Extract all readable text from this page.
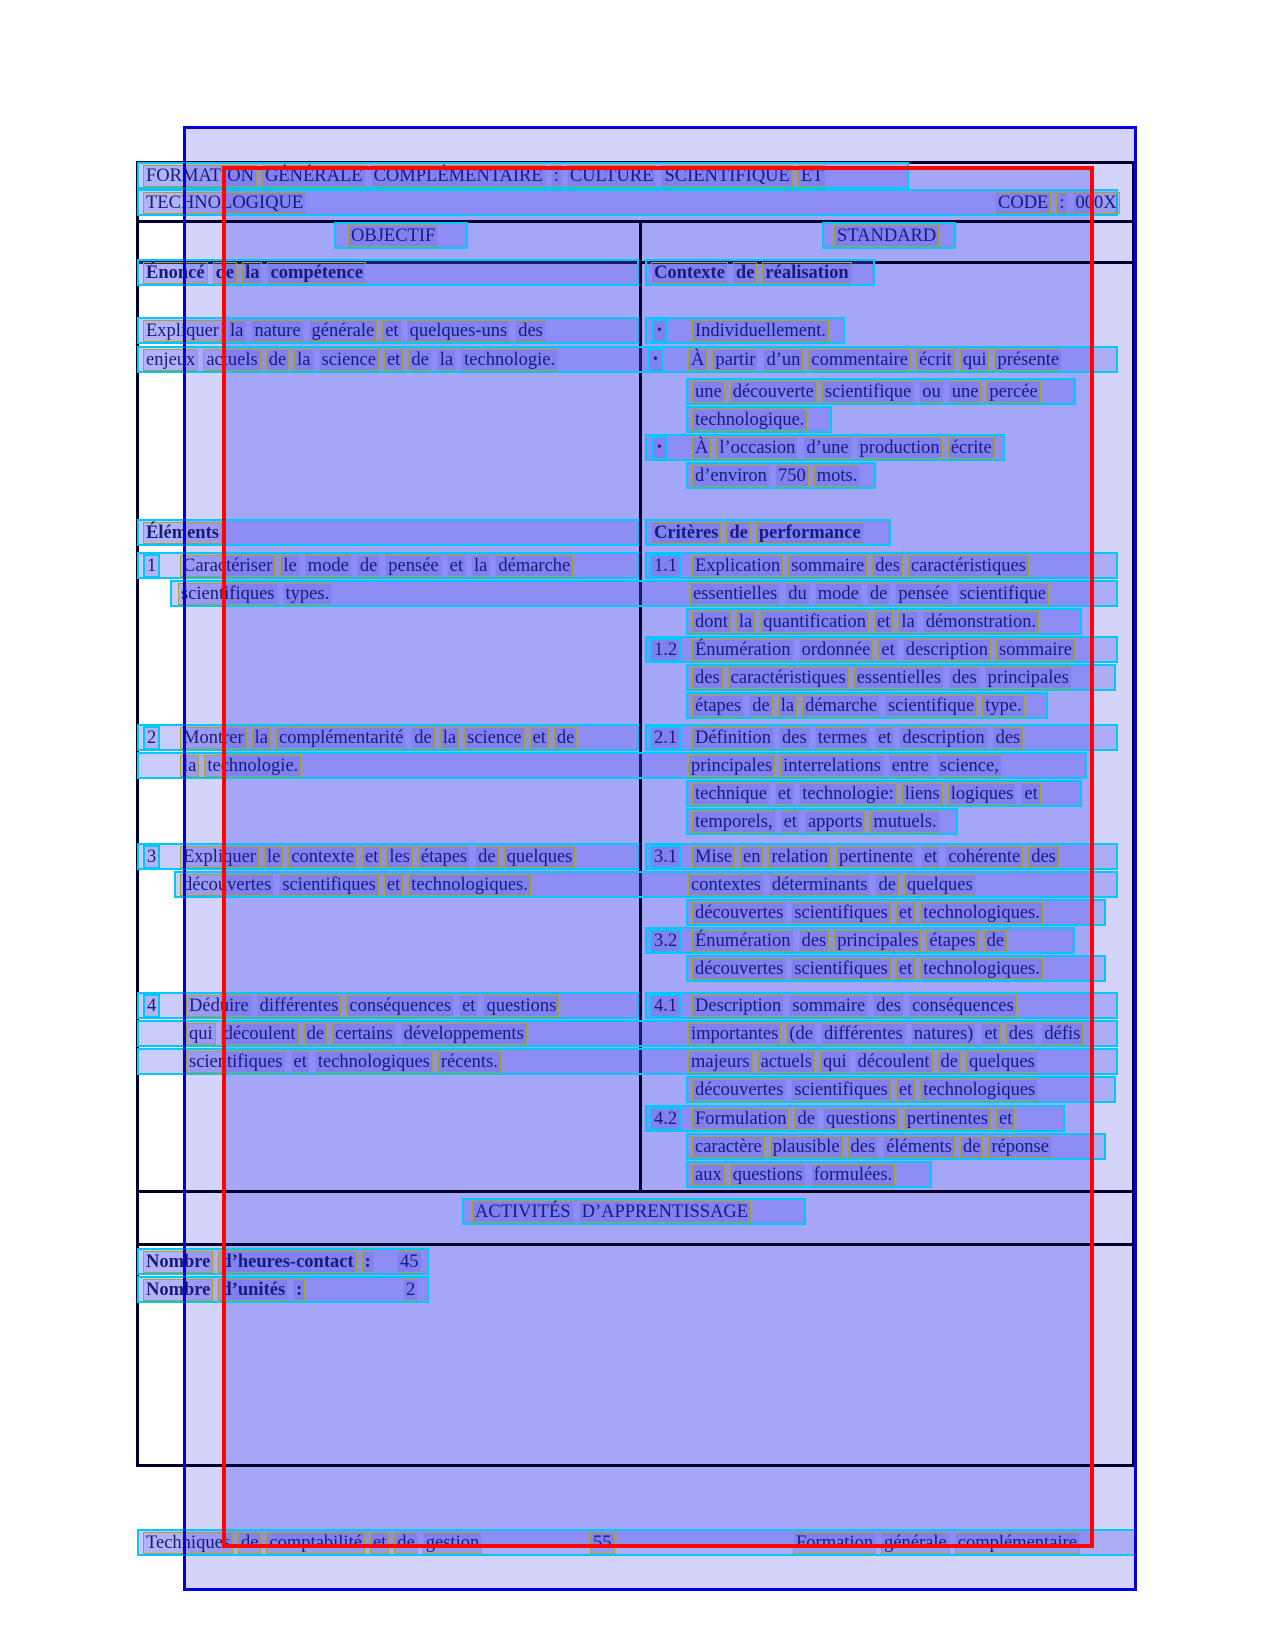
FORMATION GÉNÉRALE COMPLÉMENTAIRE : CULTURE SCIENTIFIQUE ET
TECHNOLOGIQUE	CODE : 000X
OBJECTIF	STANDARD
Énoncé de la compétence	Contexte de réalisation
Expliquer la nature générale et quelques-uns des	• Individuellement.
enjeux actuels de la science et de la technologie.	• À partir d’un commentaire écrit qui présente
une découverte scientifique ou une percée
technologique.
• À l’occasion d’une production écrite
d’environ 750 mots.
Éléments	Critères de performance
1 Caractériser le mode de pensée et la démarche	1.1 Explication sommaire des caractéristiques
scientifiques types.	essentielles du mode de pensée scientifique
dont la quantification et la démonstration.
1.2 Énumération ordonnée et description sommaire
des caractéristiques essentielles des principales
étapes de la démarche scientifique type.
2 Montrer la complémentarité de la science et de	2.1 Définition des termes et description des
la technologie.	principales interrelations entre science,
technique et technologie: liens logiques et
temporels, et apports mutuels.
3 Expliquer le contexte et les étapes de quelques	3.1 Mise en relation pertinente et cohérente des
découvertes scientifiques et technologiques.	contextes déterminants de quelques
découvertes scientifiques et technologiques.
3.2 Énumération des principales étapes de
découvertes scientifiques et technologiques.
4 Déduire différentes conséquences et questions	4.1 Description sommaire des conséquences
qui découlent de certains développements	importantes (de différentes natures) et des défis
scientifiques et technologiques récents.	majeurs actuels qui découlent de quelques
découvertes scientifiques et technologiques
4.2 Formulation de questions pertinentes et
caractère plausible des éléments de réponse
aux questions formulées.
ACTIVITÉS D’APPRENTISSAGE
Nombre d’heures-contact : 45
Nombre d’unités :	2
Techniques de comptabilité et de gestion	55	Formation générale complémentaire
